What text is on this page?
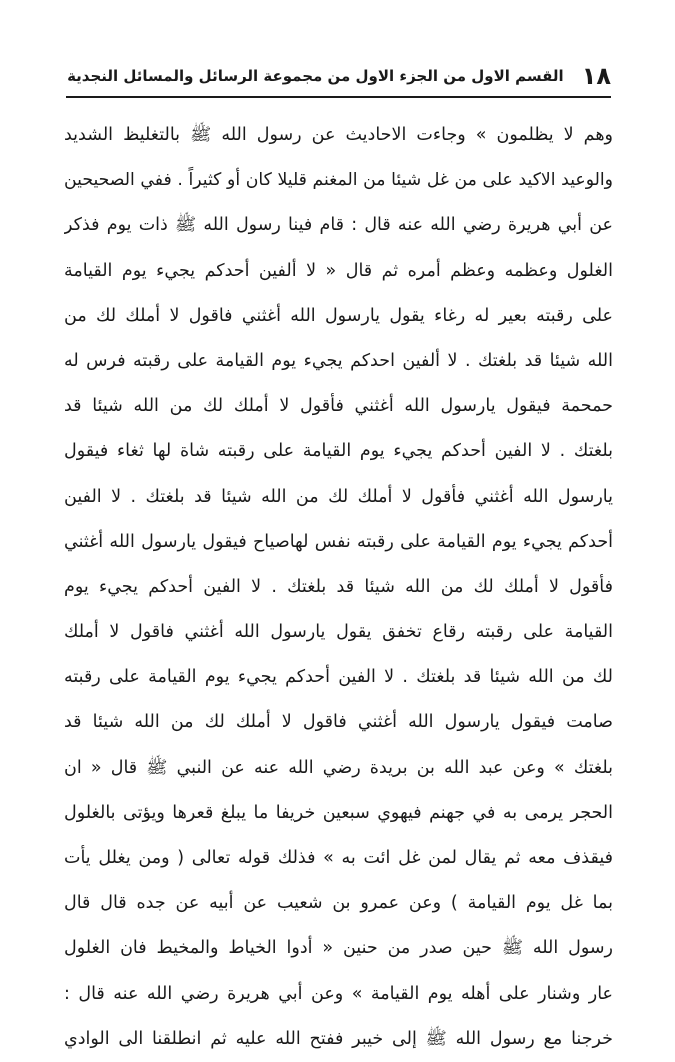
١٨
القسم الاول من الجزء الاول من مجموعة الرسائل والمسائل النجدية
وهم لا يظلمون » وجاءت الاحاديث عن رسول الله ﷺ بالتغليظ الشديد
والوعيد الاكيد على من غل شيئا من المغنم قليلا كان أو كثيراً . ففي الصحيحين
عن أبي هريرة رضي الله عنه قال : قام فينا رسول الله ﷺ ذات يوم فذكر
الغلول وعظمه وعظم أمره ثم قال « لا ألفين أحدكم يجيء يوم القيامة
على رقبته بعير له رغاء يقول يارسول الله أغثني فاقول لا أملك لك من
الله شيئا قد بلغتك . لا ألفين احدكم يجيء يوم القيامة على رقبته فرس له
حمحمة فيقول يارسول الله أغثني فأقول لا أملك لك من الله شيئا قد
بلغتك . لا الفين أحدكم يجيء يوم القيامة على رقبته شاة لها ثغاء فيقول
يارسول الله أغثني فأقول لا أملك لك من الله شيئا قد بلغتك . لا الفين
أحدكم يجيء يوم القيامة على رقبته نفس لهاصياح فيقول يارسول الله أغثني
فأقول لا أملك لك من الله شيئا قد بلغتك . لا الفين أحدكم يجيء يوم
القيامة على رقبته رقاع تخفق يقول يارسول الله أغثني فاقول لا أملك
لك من الله شيئا قد بلغتك . لا الفين أحدكم يجيء يوم القيامة على رقبته
صامت فيقول يارسول الله أغثني فاقول لا أملك لك من الله شيئا قد
بلغتك » وعن عبد الله بن بريدة رضي الله عنه عن النبي ﷺ قال « ان
الحجر يرمى به في جهنم فيهوي سبعين خريفا ما يبلغ قعرها ويؤتى بالغلول
فيقذف معه ثم يقال لمن غل ائت به » فذلك قوله تعالى ( ومن يغلل يأت
بما غل يوم القيامة ) وعن عمرو بن شعيب عن أبيه عن جده قال قال
رسول الله ﷺ حين صدر من حنين « أدوا الخياط والمخيط فان الغلول
عار وشنار على أهله يوم القيامة » وعن أبي هريرة رضي الله عنه قال :
خرجنا مع رسول الله ﷺ إلى خيبر ففتح الله عليه ثم انطلقنا الى الوادي
